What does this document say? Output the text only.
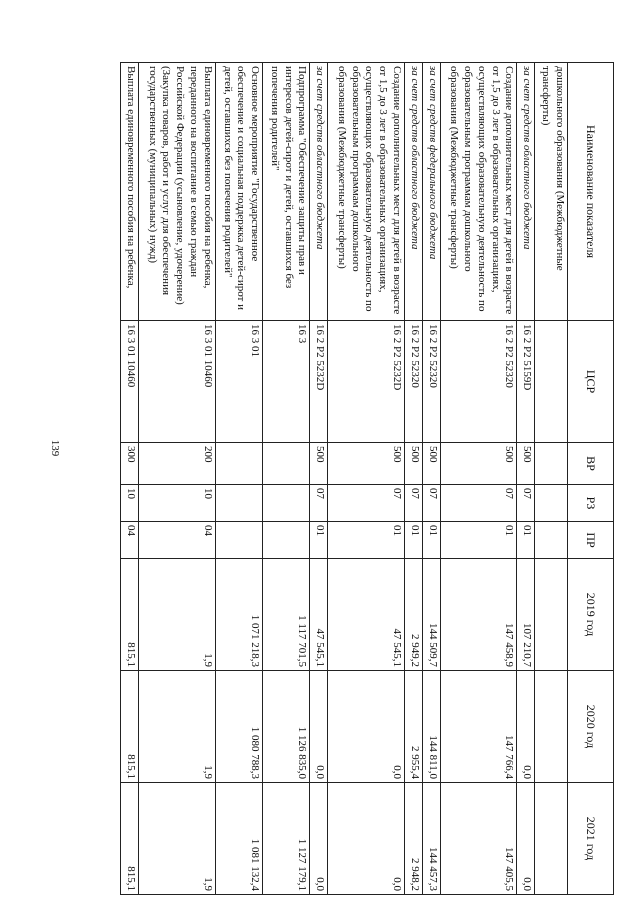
139
Наименование показателя	ЦСР	ВР	РЗ	ПР	2019 год	2020 год	2021 год
дошкольного образования (Межбюджетные трансферты)							
за счет средств областного бюджета	16 2 P2 5159D	500	07	01	107 210,7	0,0	0,0
Создание дополнительных мест для детей в возрасте от 1,5 до 3 лет в образовательных организациях, осуществляющих образовательную деятельность по образовательным программам дошкольного образования (Межбюджетные трансферты)	16 2 P2 52320	500	07	01	147 458,9	147 766,4	147 405,5
за счет средств федерального бюджета	16 2 P2 52320	500	07	01	144 509,7	144 811,0	144 457,3
за счет средств областного бюджета	16 2 P2 52320	500	07	01	2 949,2	2 955,4	2 948,2
Создание дополнительных мест для детей в возрасте от 1,5 до 3 лет в образовательных организациях, осуществляющих образовательную деятельность по образовательным программам дошкольного образования (Межбюджетные трансферты)	16 2 P2 5232D	500	07	01	47 545,1	0,0	0,0
за счет средств областного бюджета	16 2 P2 5232D	500	07	01	47 545,1	0,0	0,0
Подпрограмма "Обеспечение защиты прав и интересов детей-сирот и детей, оставшихся без попечения родителей"	16 3				1 117 701,5	1 126 835,0	1 127 179,1
Основное мероприятие "Государственное обеспечение и социальная поддержка детей-сирот и детей, оставшихся без попечения родителей"	16 3 01				1 071 218,3	1 080 788,3	1 081 132,4
Выплата единовременного пособия на ребенка, переданного на воспитание в семью граждан Российской Федерации (усыновление, удочерение) (Закупка товаров, работ и услуг для обеспечения государственных (муниципальных) нужд)	16 3 01 10460	200	10	04	1,9	1,9	1,9
Выплата единовременного пособия на ребенка,	16 3 01 10460	300	10	04	815,1	815,1	815,1
